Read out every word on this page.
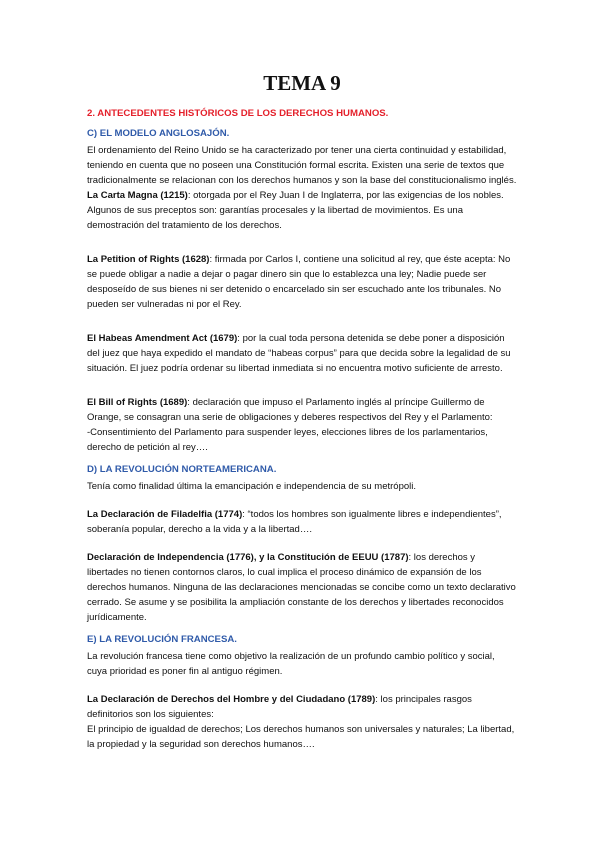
TEMA 9
2. ANTECEDENTES HISTÓRICOS DE LOS DERECHOS HUMANOS.
C) EL MODELO ANGLOSAJÓN.

El ordenamiento del Reino Unido se ha caracterizado por tener una cierta continuidad y estabilidad, teniendo en cuenta que no poseen una Constitución formal escrita. Existen una serie de textos que tradicionalmente se relacionan con los derechos humanos y son la base del constitucionalismo inglés.

La Carta Magna (1215): otorgada por el Rey Juan I de Inglaterra, por las exigencias de los nobles. Algunos de sus preceptos son: garantías procesales y la libertad de movimientos. Es una demostración del tratamiento de los derechos.

La Petition of Rights (1628): firmada por Carlos I, contiene una solicitud al rey, que éste acepta: No se puede obligar a nadie a dejar o pagar dinero sin que lo establezca una ley; Nadie puede ser desposeído de sus bienes ni ser detenido o encarcelado sin ser escuchado ante los tribunales. No pueden ser vulneradas ni por el Rey.

El Habeas Amendment Act (1679): por la cual toda persona detenida se debe poner a disposición del juez que haya expedido el mandato de “habeas corpus” para que decida sobre la legalidad de su situación. El juez podría ordenar su libertad inmediata si no encuentra motivo suficiente de arresto.

El Bill of Rights (1689): declaración que impuso el Parlamento inglés al príncipe Guillermo de Orange, se consagran una serie de obligaciones y deberes respectivos del Rey y el Parlamento:

-Consentimiento del Parlamento para suspender leyes, elecciones libres de los parlamentarios, derecho de petición al rey….

D) LA REVOLUCIÓN NORTEAMERICANA.

Tenía como finalidad última la emancipación e independencia de su metrópoli.

La Declaración de Filadelfia (1774): “todos los hombres son igualmente libres e independientes”, soberanía popular, derecho a la vida y a la libertad….

Declaración de Independencia (1776), y la Constitución de EEUU (1787): los derechos y libertades no tienen contornos claros, lo cual implica el proceso dinámico de expansión de los derechos humanos. Ninguna de las declaraciones mencionadas se concibe como un texto declarativo cerrado. Se asume y se posibilita la ampliación constante de los derechos y libertades reconocidos jurídicamente.

E) LA REVOLUCIÓN FRANCESA.

La revolución francesa tiene como objetivo la realización de un profundo cambio político y social, cuya prioridad es poner fin al antiguo régimen.

La Declaración de Derechos del Hombre y del Ciudadano (1789): los principales rasgos definitorios son los siguientes:

El principio de igualdad de derechos; Los derechos humanos son universales y naturales; La libertad, la propiedad y la seguridad son derechos humanos….
